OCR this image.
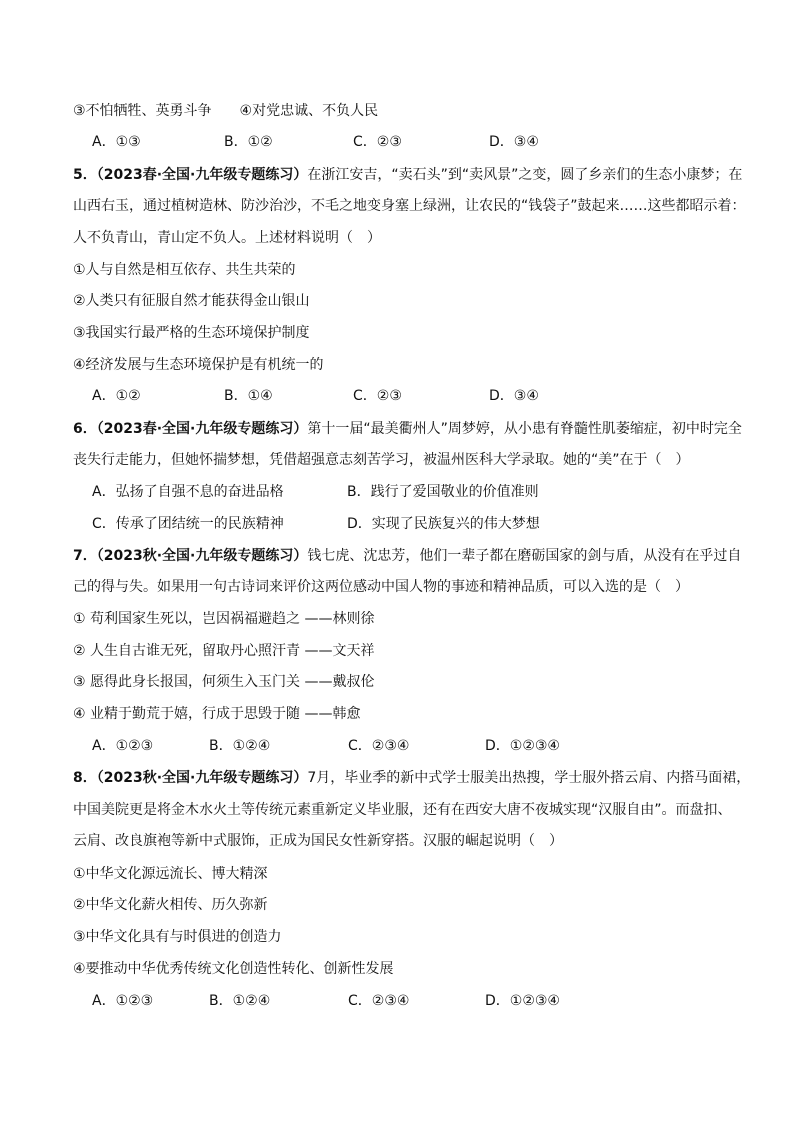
③不怕牺牲、英勇斗争　　④对党忠诚、不负人民
A．①③	B．①②	C．②③	D．③④
5．（2023春·全国·九年级专题练习）在浙江安吉，“卖石头”到“卖风景”之变，圆了乡亲们的生态小康梦；在
山西右玉，通过植树造林、防沙治沙，不毛之地变身塞上绿洲，让农民的“钱袋子”鼓起来……这些都昭示着：
人不负青山，青山定不负人。上述材料说明（　）
①人与自然是相互依存、共生共荣的
②人类只有征服自然才能获得金山银山
③我国实行最严格的生态环境保护制度
④经济发展与生态环境保护是有机统一的
A．①②	B．①④	C．②③	D．③④
6．（2023春·全国·九年级专题练习）第十一届“最美衢州人”周梦婷，从小患有脊髓性肌萎缩症，初中时完全
丧失行走能力，但她怀揣梦想，凭借超强意志刻苦学习，被温州医科大学录取。她的“美”在于（　）
A．弘扬了自强不息的奋进品格	B．践行了爱国敬业的价值准则
C．传承了团结统一的民族精神	D．实现了民族复兴的伟大梦想
7．（2023秋·全国·九年级专题练习）钱七虎、沈忠芳，他们一辈子都在磨砺国家的剑与盾，从没有在乎过自
己的得与失。如果用一句古诗词来评价这两位感动中国人物的事迹和精神品质，可以入选的是（　）
① 苟利国家生死以，岂因祸福避趋之 ——林则徐
② 人生自古谁无死，留取丹心照汗青 ——文天祥
③ 愿得此身长报国，何须生入玉门关 ——戴叔伦
④ 业精于勤荒于嬉，行成于思毁于随 ——韩愈
A．①②③	B．①②④	C．②③④	D．①②③④
8．（2023秋·全国·九年级专题练习）7月，毕业季的新中式学士服美出热搜，学士服外搭云肩、内搭马面裙，
中国美院更是将金木水火土等传统元素重新定义毕业服，还有在西安大唐不夜城实现“汉服自由”。而盘扣、
云肩、改良旗袍等新中式服饰，正成为国民女性新穿搭。汉服的崛起说明（　）
①中华文化源远流长、博大精深
②中华文化薪火相传、历久弥新
③中华文化具有与时俱进的创造力
④要推动中华优秀传统文化创造性转化、创新性发展
A．①②③	B．①②④	C．②③④	D．①②③④
